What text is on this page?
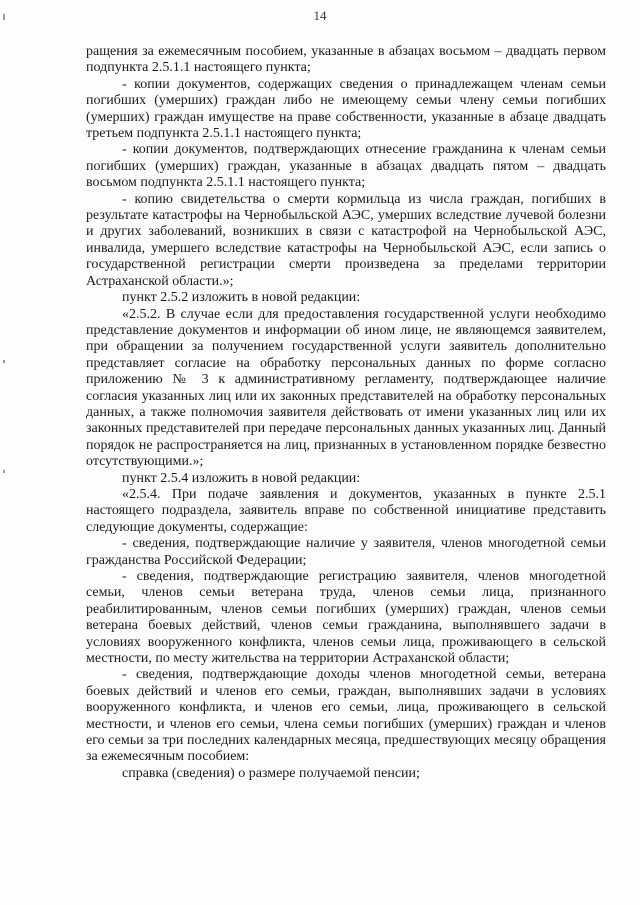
14

ращения за ежемесячным пособием, указанные в абзацах восьмом – двадцать первом подпункта 2.5.1.1 настоящего пункта;

- копии документов, содержащих сведения о принадлежащем членам семьи погибших (умерших) граждан либо не имеющему семьи члену семьи погибших (умерших) граждан имуществе на праве собственности, указанные в абзаце двадцать третьем подпункта 2.5.1.1 настоящего пункта;

- копии документов, подтверждающих отнесение гражданина к членам семьи погибших (умерших) граждан, указанные в абзацах двадцать пятом – двадцать восьмом подпункта 2.5.1.1 настоящего пункта;

- копию свидетельства о смерти кормильца из числа граждан, погибших в результате катастрофы на Чернобыльской АЭС, умерших вследствие лучевой болезни и других заболеваний, возникших в связи с катастрофой на Чернобыльской АЭС, инвалида, умершего вследствие катастрофы на Чернобыльской АЭС, если запись о государственной регистрации смерти произведена за пределами территории Астраханской области.»;

пункт 2.5.2 изложить в новой редакции:

«2.5.2. В случае если для предоставления государственной услуги необходимо представление документов и информации об ином лице, не являющемся заявителем, при обращении за получением государственной услуги заявитель дополнительно представляет согласие на обработку персональных данных по форме согласно приложению № 3 к административному регламенту, подтверждающее наличие согласия указанных лиц или их законных представителей на обработку персональных данных, а также полномочия заявителя действовать от имени указанных лиц или их законных представителей при передаче персональных данных указанных лиц. Данный порядок не распространяется на лиц, признанных в установленном порядке безвестно отсутствующими.»;

пункт 2.5.4 изложить в новой редакции:

«2.5.4. При подаче заявления и документов, указанных в пункте 2.5.1 настоящего подраздела, заявитель вправе по собственной инициативе представить следующие документы, содержащие:

- сведения, подтверждающие наличие у заявителя, членов многодетной семьи гражданства Российской Федерации;

- сведения, подтверждающие регистрацию заявителя, членов многодетной семьи, членов семьи ветерана труда, членов семьи лица, признанного реабилитированным, членов семьи погибших (умерших) граждан, членов семьи ветерана боевых действий, членов семьи гражданина, выполнявшего задачи в условиях вооруженного конфликта, членов семьи лица, проживающего в сельской местности, по месту жительства на территории Астраханской области;

- сведения, подтверждающие доходы членов многодетной семьи, ветерана боевых действий и членов его семьи, граждан, выполнявших задачи в условиях вооруженного конфликта, и членов его семьи, лица, проживающего в сельской местности, и членов его семьи, члена семьи погибших (умерших) граждан и членов его семьи за три последних календарных месяца, предшествующих месяцу обращения за ежемесячным пособием:

справка (сведения) о размере получаемой пенсии;
